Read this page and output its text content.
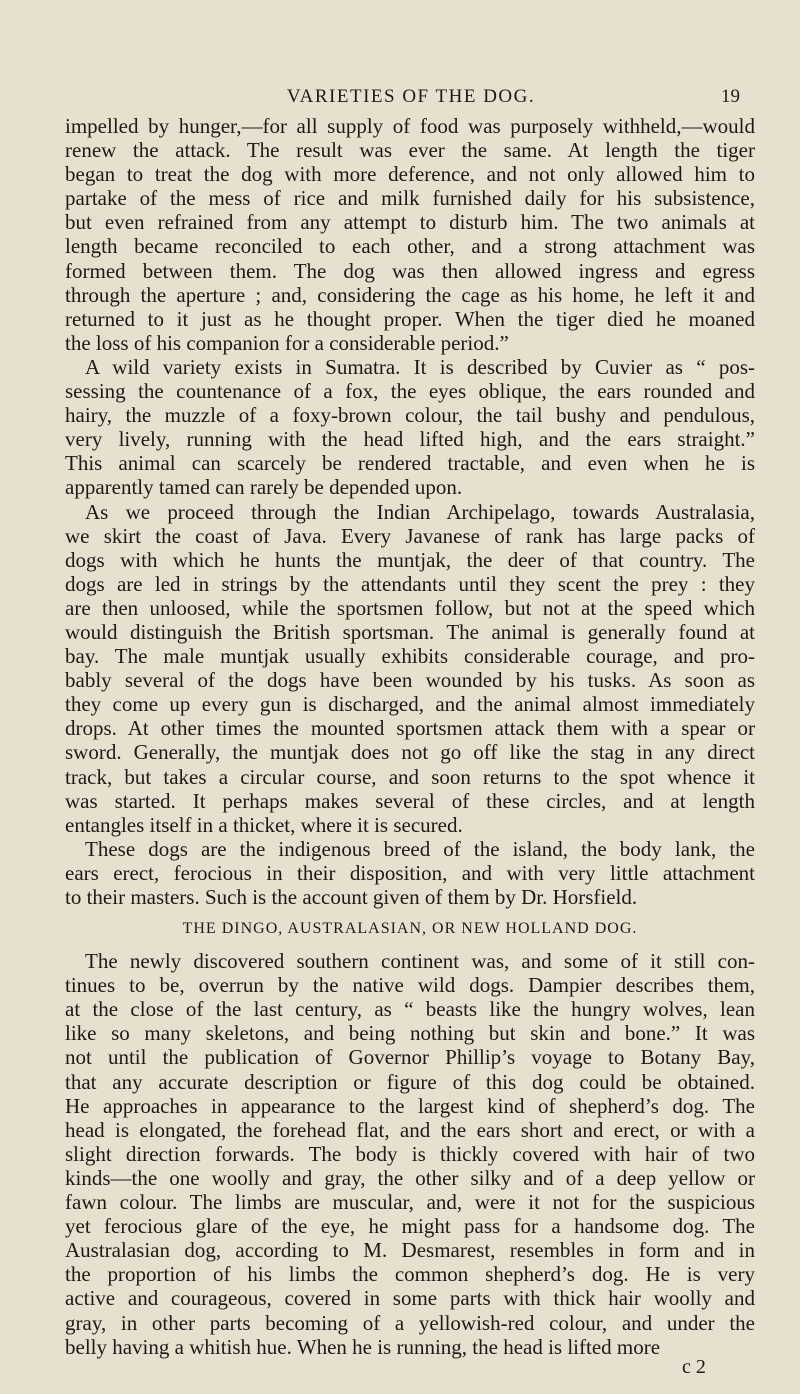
VARIETIES OF THE DOG.	19
impelled by hunger,—for all supply of food was purposely withheld,—would
renew the attack. The result was ever the same. At length the tiger
began to treat the dog with more deference, and not only allowed him to
partake of the mess of rice and milk furnished daily for his subsistence,
but even refrained from any attempt to disturb him. The two animals at
length became reconciled to each other, and a strong attachment was
formed between them. The dog was then allowed ingress and egress
through the aperture ; and, considering the cage as his home, he left it and
returned to it just as he thought proper. When the tiger died he moaned
the loss of his companion for a considerable period.”
A wild variety exists in Sumatra. It is described by Cuvier as “ pos-
sessing the countenance of a fox, the eyes oblique, the ears rounded and
hairy, the muzzle of a foxy-brown colour, the tail bushy and pendulous,
very lively, running with the head lifted high, and the ears straight.”
This animal can scarcely be rendered tractable, and even when he is
apparently tamed can rarely be depended upon.
As we proceed through the Indian Archipelago, towards Australasia,
we skirt the coast of Java. Every Javanese of rank has large packs of
dogs with which he hunts the muntjak, the deer of that country. The
dogs are led in strings by the attendants until they scent the prey : they
are then unloosed, while the sportsmen follow, but not at the speed which
would distinguish the British sportsman. The animal is generally found at
bay. The male muntjak usually exhibits considerable courage, and pro-
bably several of the dogs have been wounded by his tusks. As soon as
they come up every gun is discharged, and the animal almost immediately
drops. At other times the mounted sportsmen attack them with a spear or
sword. Generally, the muntjak does not go off like the stag in any direct
track, but takes a circular course, and soon returns to the spot whence it
was started. It perhaps makes several of these circles, and at length
entangles itself in a thicket, where it is secured.
These dogs are the indigenous breed of the island, the body lank, the
ears erect, ferocious in their disposition, and with very little attachment
to their masters. Such is the account given of them by Dr. Horsfield.
THE DINGO, AUSTRALASIAN, OR NEW HOLLAND DOG.
The newly discovered southern continent was, and some of it still con-
tinues to be, overrun by the native wild dogs. Dampier describes them,
at the close of the last century, as “ beasts like the hungry wolves, lean
like so many skeletons, and being nothing but skin and bone.” It was
not until the publication of Governor Phillip’s voyage to Botany Bay,
that any accurate description or figure of this dog could be obtained.
He approaches in appearance to the largest kind of shepherd’s dog. The
head is elongated, the forehead flat, and the ears short and erect, or with a
slight direction forwards. The body is thickly covered with hair of two
kinds—the one woolly and gray, the other silky and of a deep yellow or
fawn colour. The limbs are muscular, and, were it not for the suspicious
yet ferocious glare of the eye, he might pass for a handsome dog. The
Australasian dog, according to M. Desmarest, resembles in form and in
the proportion of his limbs the common shepherd’s dog. He is very
active and courageous, covered in some parts with thick hair woolly and
gray, in other parts becoming of a yellowish-red colour, and under the
belly having a whitish hue. When he is running, the head is lifted more
c 2
